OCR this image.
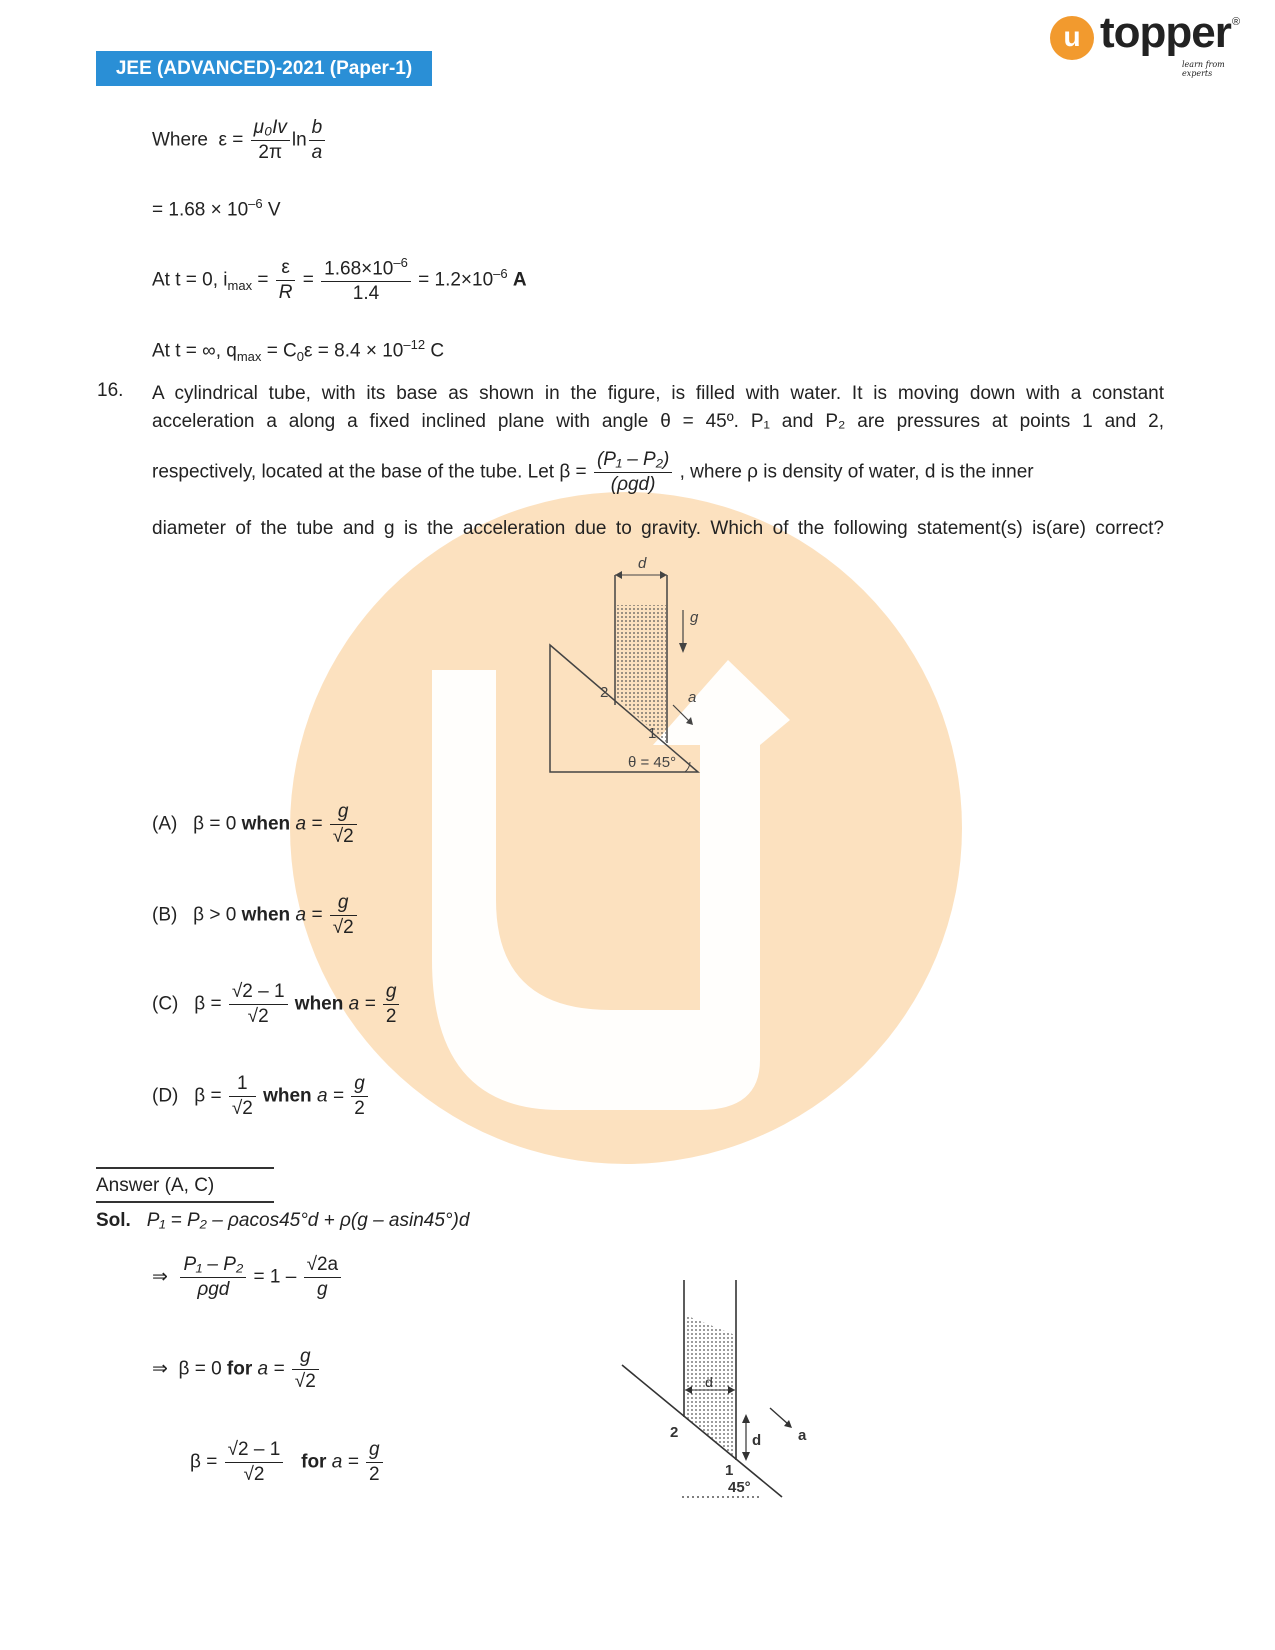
JEE (ADVANCED)-2021 (Paper-1)
u topper ®
learn from experts
Where $\varepsilon = \frac{\text{μ₀Iv}}{2\pi}$ $\ln \frac{b}{a}$
= $1.68 \times 10^{-6}$ V
At t = 0, $i_{max} = \frac{\varepsilon}{R} = \frac{1.68\times 10^{-6}}{1.4} = 1.2\times 10^{-6}$ A
At t = ∞, $q_{max} = C_0\varepsilon = 8.4 \times 10^{-12}$ C
16. A cylindrical tube, with its base as shown in the figure, is filled with water. It is moving down with a constant
acceleration a along a fixed inclined plane with angle θ = 45º. P₁ and P₂ are pressures at points 1 and 2,
respectively, located at the base of the tube. Let $\beta = \frac{\text{(P₁ – P₂)}}{\text{(ρgd)}}$ , where ρ is density of water, d is the inner
diameter of the tube and g is the acceleration due to gravity. Which of the following statement(s) is(are) correct?
d
g
a
2
1
θ = 45°
(A) β = 0 when $a = \frac{g}{√2}$
(B) β > 0 when $a = \frac{g}{√2}$
(C) $\beta = \frac{√2 - 1}{√2}$ when $a = \frac{g}{2}$
(D) $\beta = \frac{1}{√2}$ when $a = \frac{g}{2}$
Answer (A, C)
Sol. P₁ = P₂ – ρacos45°d + ρ(g – asin45°)d
⇒ $\frac{\text{P₁ – P₂}}{\text{ρgd}} = 1 - \frac{√2a}{g}$
⇒ β = 0 for $a = \frac{g}{√2}$
$\beta = \frac{√2 - 1}{√2}$ for $a = \frac{g}{2}$
2
1
d
d a
45°
